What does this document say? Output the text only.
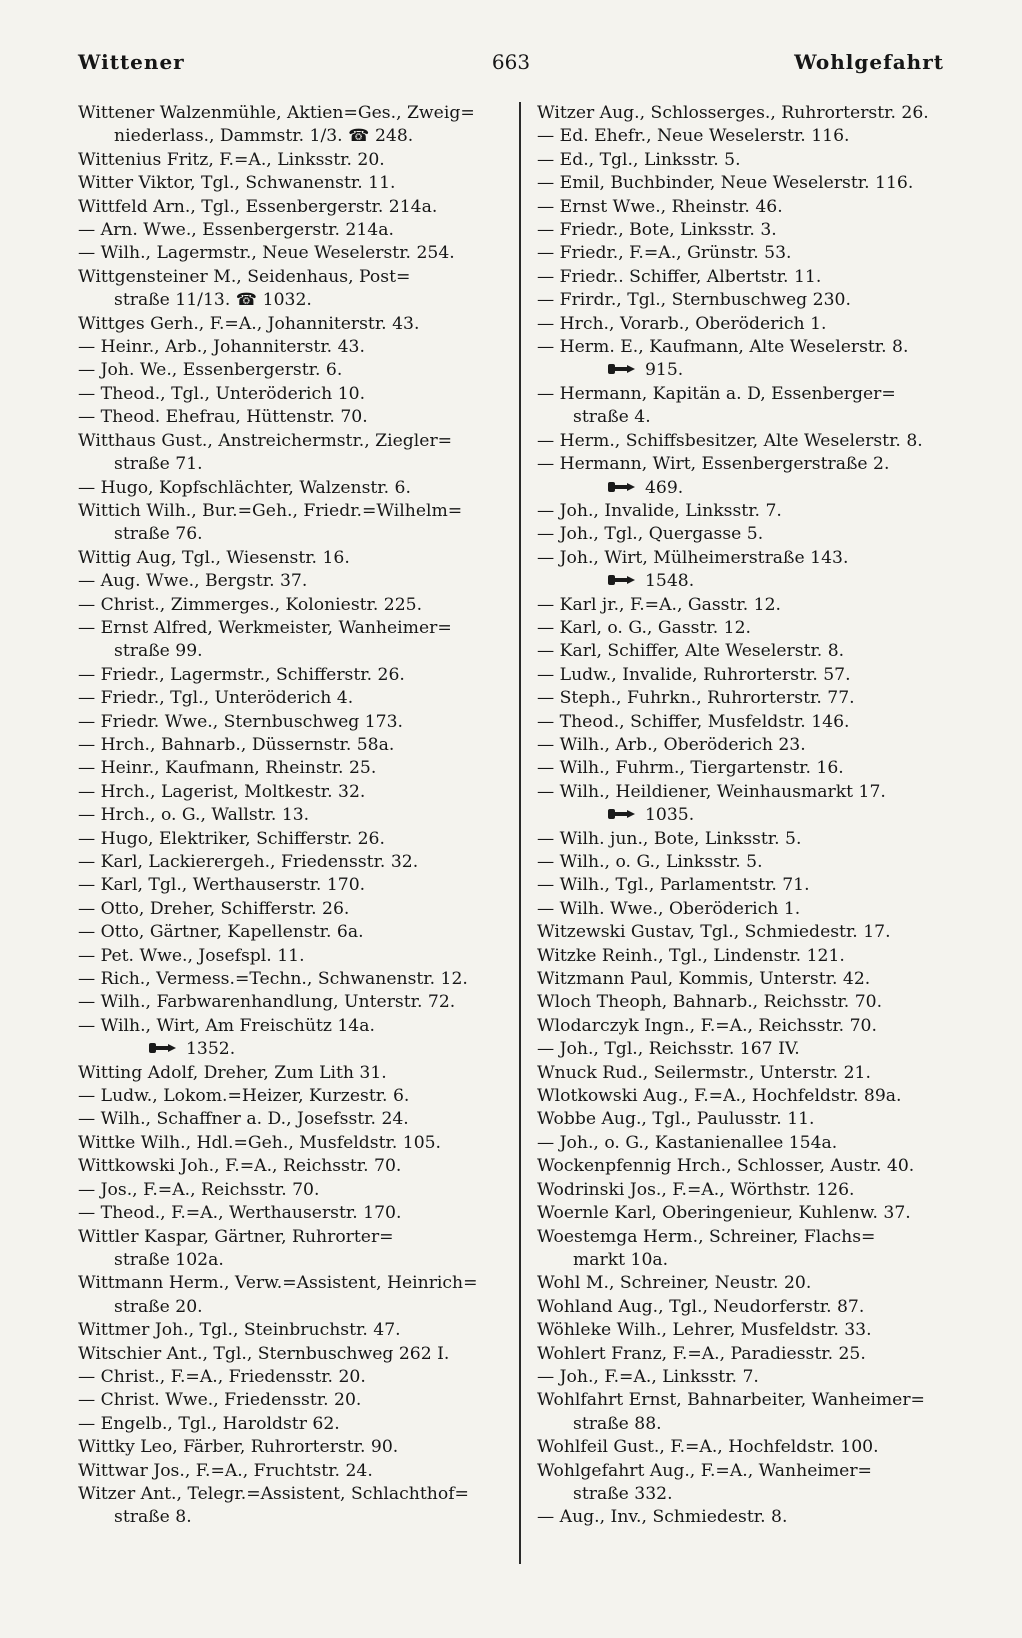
Wittener	663	Wohlgefahrt
Wittener Walzenmühle, Aktien=Ges., Zweig=
niederlass., Dammstr. 1/3. ☎ 248.
Wittenius Fritz, F.=A., Linksstr. 20.
Witter Viktor, Tgl., Schwanenstr. 11.
Wittfeld Arn., Tgl., Essenbergerstr. 214a.
— Arn. Wwe., Essenbergerstr. 214a.
— Wilh., Lagermstr., Neue Weselerstr. 254.
Wittgensteiner M., Seidenhaus, Post=
straße 11/13. ☎ 1032.
Wittges Gerh., F.=A., Johanniterstr. 43.
— Heinr., Arb., Johanniterstr. 43.
— Joh. We., Essenbergerstr. 6.
— Theod., Tgl., Unteröderich 10.
— Theod. Ehefrau, Hüttenstr. 70.
Witthaus Gust., Anstreichermstr., Ziegler=
straße 71.
— Hugo, Kopfschlächter, Walzenstr. 6.
Wittich Wilh., Bur.=Geh., Friedr.=Wilhelm=
straße 76.
Wittig Aug, Tgl., Wiesenstr. 16.
— Aug. Wwe., Bergstr. 37.
— Christ., Zimmerges., Koloniestr. 225.
— Ernst Alfred, Werkmeister, Wanheimer=
straße 99.
— Friedr., Lagermstr., Schifferstr. 26.
— Friedr., Tgl., Unteröderich 4.
— Friedr. Wwe., Sternbuschweg 173.
— Hrch., Bahnarb., Düssernstr. 58a.
— Heinr., Kaufmann, Rheinstr. 25.
— Hrch., Lagerist, Moltkestr. 32.
— Hrch., o. G., Wallstr. 13.
— Hugo, Elektriker, Schifferstr. 26.
— Karl, Lackierergeh., Friedensstr. 32.
— Karl, Tgl., Werthauserstr. 170.
— Otto, Dreher, Schifferstr. 26.
— Otto, Gärtner, Kapellenstr. 6a.
— Pet. Wwe., Josefspl. 11.
— Rich., Vermess.=Techn., Schwanenstr. 12.
— Wilh., Farbwarenhandlung, Unterstr. 72.
— Wilh., Wirt, Am Freischütz 14a.
1352.
Witting Adolf, Dreher, Zum Lith 31.
— Ludw., Lokom.=Heizer, Kurzestr. 6.
— Wilh., Schaffner a. D., Josefsstr. 24.
Wittke Wilh., Hdl.=Geh., Musfeldstr. 105.
Wittkowski Joh., F.=A., Reichsstr. 70.
— Jos., F.=A., Reichsstr. 70.
— Theod., F.=A., Werthauserstr. 170.
Wittler Kaspar, Gärtner, Ruhrorter=
straße 102a.
Wittmann Herm., Verw.=Assistent, Heinrich=
straße 20.
Wittmer Joh., Tgl., Steinbruchstr. 47.
Witschier Ant., Tgl., Sternbuschweg 262 I.
— Christ., F.=A., Friedensstr. 20.
— Christ. Wwe., Friedensstr. 20.
— Engelb., Tgl., Haroldstr 62.
Wittky Leo, Färber, Ruhrorterstr. 90.
Wittwar Jos., F.=A., Fruchtstr. 24.
Witzer Ant., Telegr.=Assistent, Schlachthof=
straße 8.
Witzer Aug., Schlosserges., Ruhrorterstr. 26.
— Ed. Ehefr., Neue Weselerstr. 116.
— Ed., Tgl., Linksstr. 5.
— Emil, Buchbinder, Neue Weselerstr. 116.
— Ernst Wwe., Rheinstr. 46.
— Friedr., Bote, Linksstr. 3.
— Friedr., F.=A., Grünstr. 53.
— Friedr.. Schiffer, Albertstr. 11.
— Frirdr., Tgl., Sternbuschweg 230.
— Hrch., Vorarb., Oberöderich 1.
— Herm. E., Kaufmann, Alte Weselerstr. 8.
915.
— Hermann, Kapitän a. D, Essenberger=
straße 4.
— Herm., Schiffsbesitzer, Alte Weselerstr. 8.
— Hermann, Wirt, Essenbergerstraße 2.
469.
— Joh., Invalide, Linksstr. 7.
— Joh., Tgl., Quergasse 5.
— Joh., Wirt, Mülheimerstraße 143.
1548.
— Karl jr., F.=A., Gasstr. 12.
— Karl, o. G., Gasstr. 12.
— Karl, Schiffer, Alte Weselerstr. 8.
— Ludw., Invalide, Ruhrorterstr. 57.
— Steph., Fuhrkn., Ruhrorterstr. 77.
— Theod., Schiffer, Musfeldstr. 146.
— Wilh., Arb., Oberöderich 23.
— Wilh., Fuhrm., Tiergartenstr. 16.
— Wilh., Heildiener, Weinhausmarkt 17.
1035.
— Wilh. jun., Bote, Linksstr. 5.
— Wilh., o. G., Linksstr. 5.
— Wilh., Tgl., Parlamentstr. 71.
— Wilh. Wwe., Oberöderich 1.
Witzewski Gustav, Tgl., Schmiedestr. 17.
Witzke Reinh., Tgl., Lindenstr. 121.
Witzmann Paul, Kommis, Unterstr. 42.
Wloch Theoph, Bahnarb., Reichsstr. 70.
Wlodarczyk Ingn., F.=A., Reichsstr. 70.
— Joh., Tgl., Reichsstr. 167 IV.
Wnuck Rud., Seilermstr., Unterstr. 21.
Wlotkowski Aug., F.=A., Hochfeldstr. 89a.
Wobbe Aug., Tgl., Paulusstr. 11.
— Joh., o. G., Kastanienallee 154a.
Wockenpfennig Hrch., Schlosser, Austr. 40.
Wodrinski Jos., F.=A., Wörthstr. 126.
Woernle Karl, Oberingenieur, Kuhlenw. 37.
Woestemga Herm., Schreiner, Flachs=
markt 10a.
Wohl M., Schreiner, Neustr. 20.
Wohland Aug., Tgl., Neudorferstr. 87.
Wöhleke Wilh., Lehrer, Musfeldstr. 33.
Wohlert Franz, F.=A., Paradiesstr. 25.
— Joh., F.=A., Linksstr. 7.
Wohlfahrt Ernst, Bahnarbeiter, Wanheimer=
straße 88.
Wohlfeil Gust., F.=A., Hochfeldstr. 100.
Wohlgefahrt Aug., F.=A., Wanheimer=
straße 332.
— Aug., Inv., Schmiedestr. 8.
